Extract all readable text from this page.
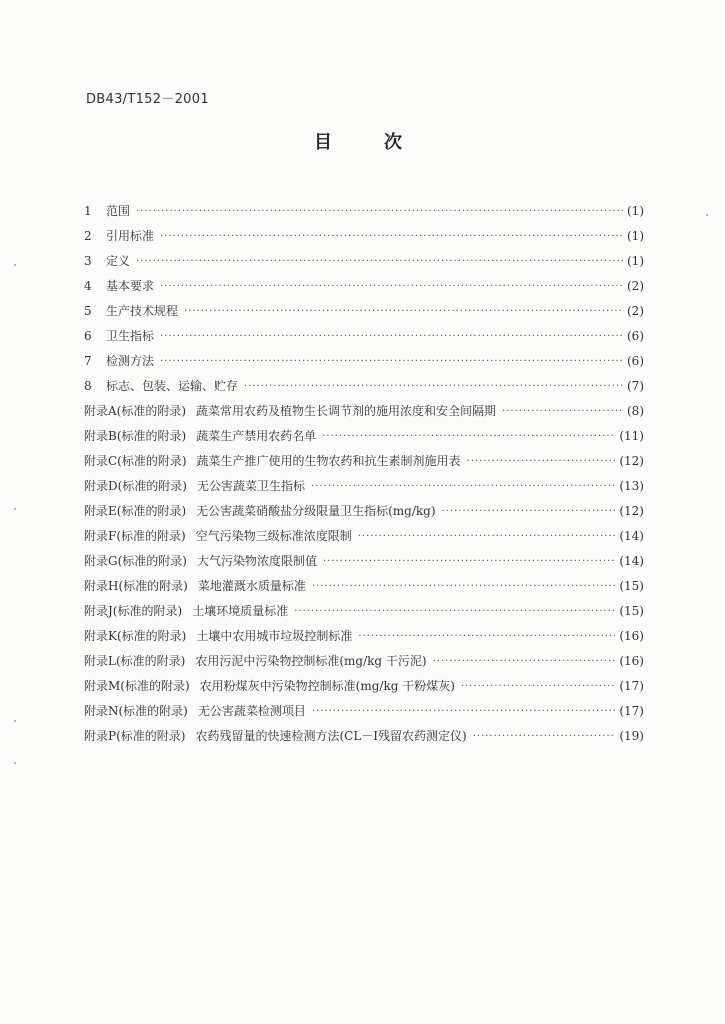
DB43/T152－2001
目次
1	范围 ·····	(1)
2	引用标准 ·····	(1)
3	定义 ·····	(1)
4	基本要求 ·····	(2)
5	生产技术规程 ·····	(2)
6	卫生指标 ·····	(6)
7	检测方法 ·····	(6)
8	标志、包装、运输、贮存 ·····	(7)
附录A(标准的附录) 蔬菜常用农药及植物生长调节剂的施用浓度和安全间隔期 ·····	(8)
附录B(标准的附录) 蔬菜生产禁用农药名单 ·····	(11)
附录C(标准的附录) 蔬菜生产推广使用的生物农药和抗生素制剂施用表 ·····	(12)
附录D(标准的附录) 无公害蔬菜卫生指标 ·····	(13)
附录E(标准的附录) 无公害蔬菜硝酸盐分级限量卫生指标(mg/kg) ·····	(12)
附录F(标准的附录) 空气污染物三级标准浓度限制 ·····	(14)
附录G(标准的附录) 大气污染物浓度限制值 ·····	(14)
附录H(标准的附录) 菜地灌溉水质量标准 ·····	(15)
附录J(标准的附录) 土壤环境质量标准 ·····	(15)
附录K(标准的附录) 土壤中农用城市垃圾控制标准 ·····	(16)
附录L(标准的附录) 农用污泥中污染物控制标准(mg/kg 干污泥) ·····	(16)
附录M(标准的附录) 农用粉煤灰中污染物控制标准(mg/kg 干粉煤灰) ·····	(17)
附录N(标准的附录) 无公害蔬菜检测项目 ·····	(17)
附录P(标准的附录) 农药残留量的快速检测方法(CL－I残留农药测定仪) ·····	(19)
